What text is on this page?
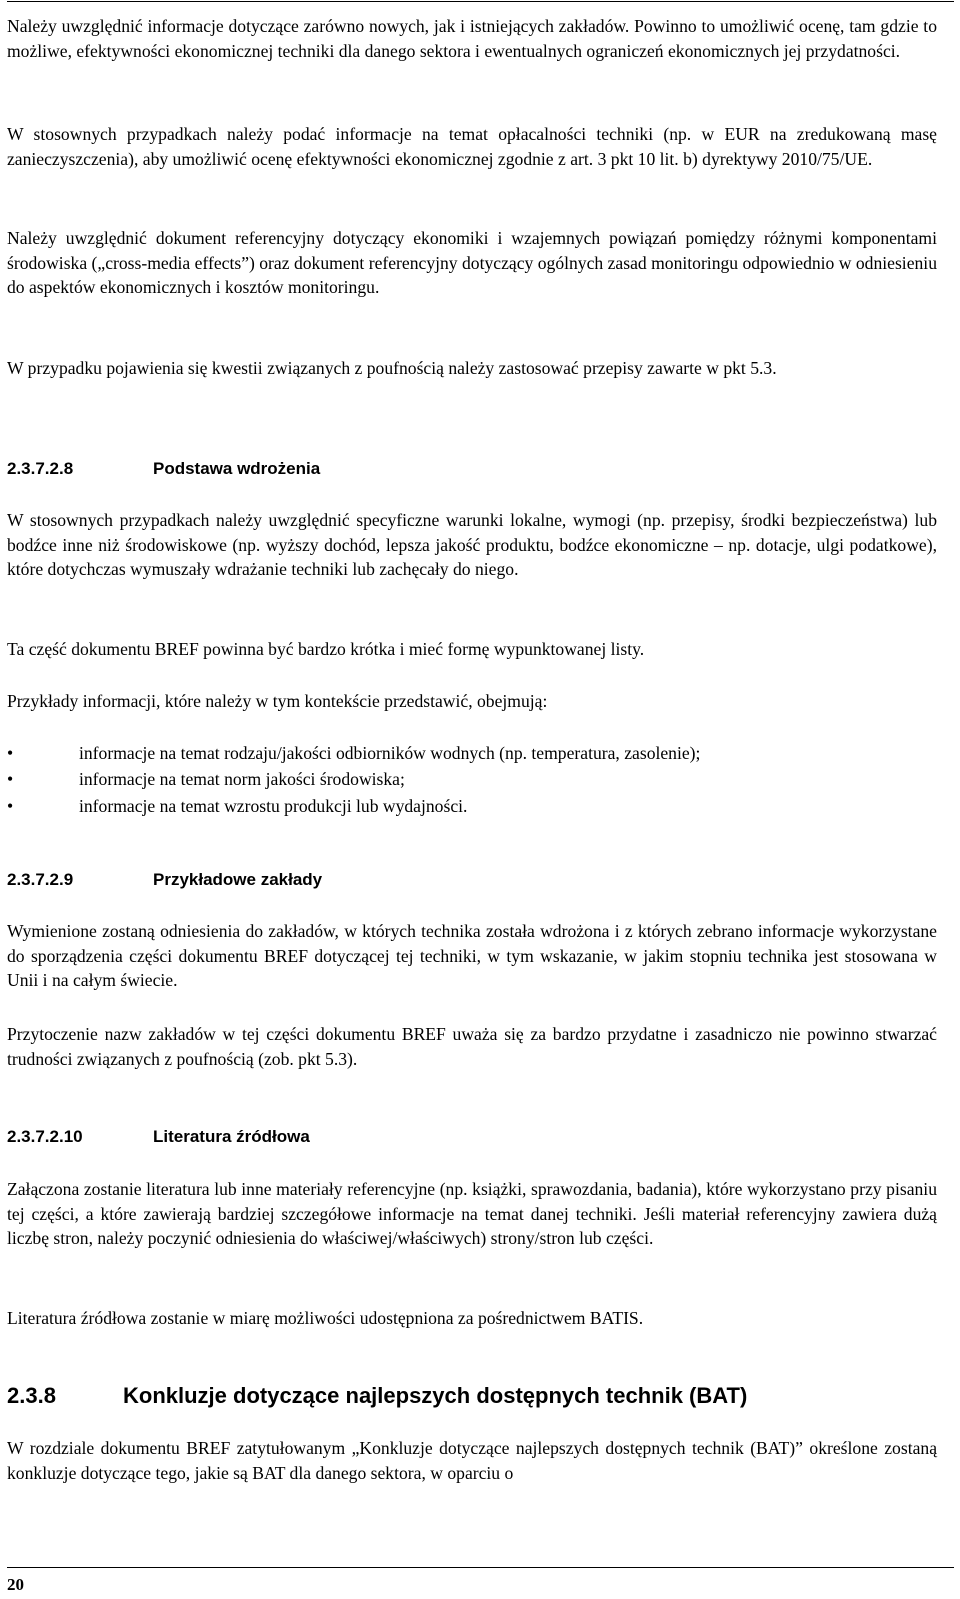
Należy uwzględnić informacje dotyczące zarówno nowych, jak i istniejących zakładów. Powinno to umożliwić ocenę, tam gdzie to możliwe, efektywności ekonomicznej techniki dla danego sektora i ewentualnych ograniczeń ekonomicznych jej przydatności.

W stosownych przypadkach należy podać informacje na temat opłacalności techniki (np. w EUR na zredukowaną masę zanieczyszczenia), aby umożliwić ocenę efektywności ekonomicznej zgodnie z art. 3 pkt 10 lit. b) dyrektywy 2010/75/UE.

Należy uwzględnić dokument referencyjny dotyczący ekonomiki i wzajemnych powiązań pomiędzy różnymi komponentami środowiska („cross-media effects”) oraz dokument referencyjny dotyczący ogólnych zasad monitoringu odpowiednio w odniesieniu do aspektów ekonomicznych i kosztów monitoringu.

W przypadku pojawienia się kwestii związanych z poufnością należy zastosować przepisy zawarte w pkt 5.3.

2.3.7.2.8	Podstawa wdrożenia

W stosownych przypadkach należy uwzględnić specyficzne warunki lokalne, wymogi (np. przepisy, środki bezpieczeństwa) lub bodźce inne niż środowiskowe (np. wyższy dochód, lepsza jakość produktu, bodźce ekonomiczne – np. dotacje, ulgi podatkowe), które dotychczas wymuszały wdrażanie techniki lub zachęcały do niego.

Ta część dokumentu BREF powinna być bardzo krótka i mieć formę wypunktowanej listy.

Przykłady informacji, które należy w tym kontekście przedstawić, obejmują:

•	informacje na temat rodzaju/jakości odbiorników wodnych (np. temperatura, zasolenie);
•	informacje na temat norm jakości środowiska;
•	informacje na temat wzrostu produkcji lub wydajności.
2.3.7.2.9	Przykładowe zakłady

Wymienione zostaną odniesienia do zakładów, w których technika została wdrożona i z których zebrano informacje wykorzystane do sporządzenia części dokumentu BREF dotyczącej tej techniki, w tym wskazanie, w jakim stopniu technika jest stosowana w Unii i na całym świecie.

Przytoczenie nazw zakładów w tej części dokumentu BREF uważa się za bardzo przydatne i zasadniczo nie powinno stwarzać trudności związanych z poufnością (zob. pkt 5.3).

2.3.7.2.10	Literatura źródłowa

Załączona zostanie literatura lub inne materiały referencyjne (np. książki, sprawozdania, badania), które wykorzystano przy pisaniu tej części, a które zawierają bardziej szczegółowe informacje na temat danej techniki. Jeśli materiał referencyjny zawiera dużą liczbę stron, należy poczynić odniesienia do właściwej/właściwych) strony/stron lub części.

Literatura źródłowa zostanie w miarę możliwości udostępniona za pośrednictwem BATIS.

2.3.8	Konkluzje dotyczące najlepszych dostępnych technik (BAT)

W rozdziale dokumentu BREF zatytułowanym „Konkluzje dotyczące najlepszych dostępnych technik (BAT)” określone zostaną konkluzje dotyczące tego, jakie są BAT dla danego sektora, w oparciu o

20
